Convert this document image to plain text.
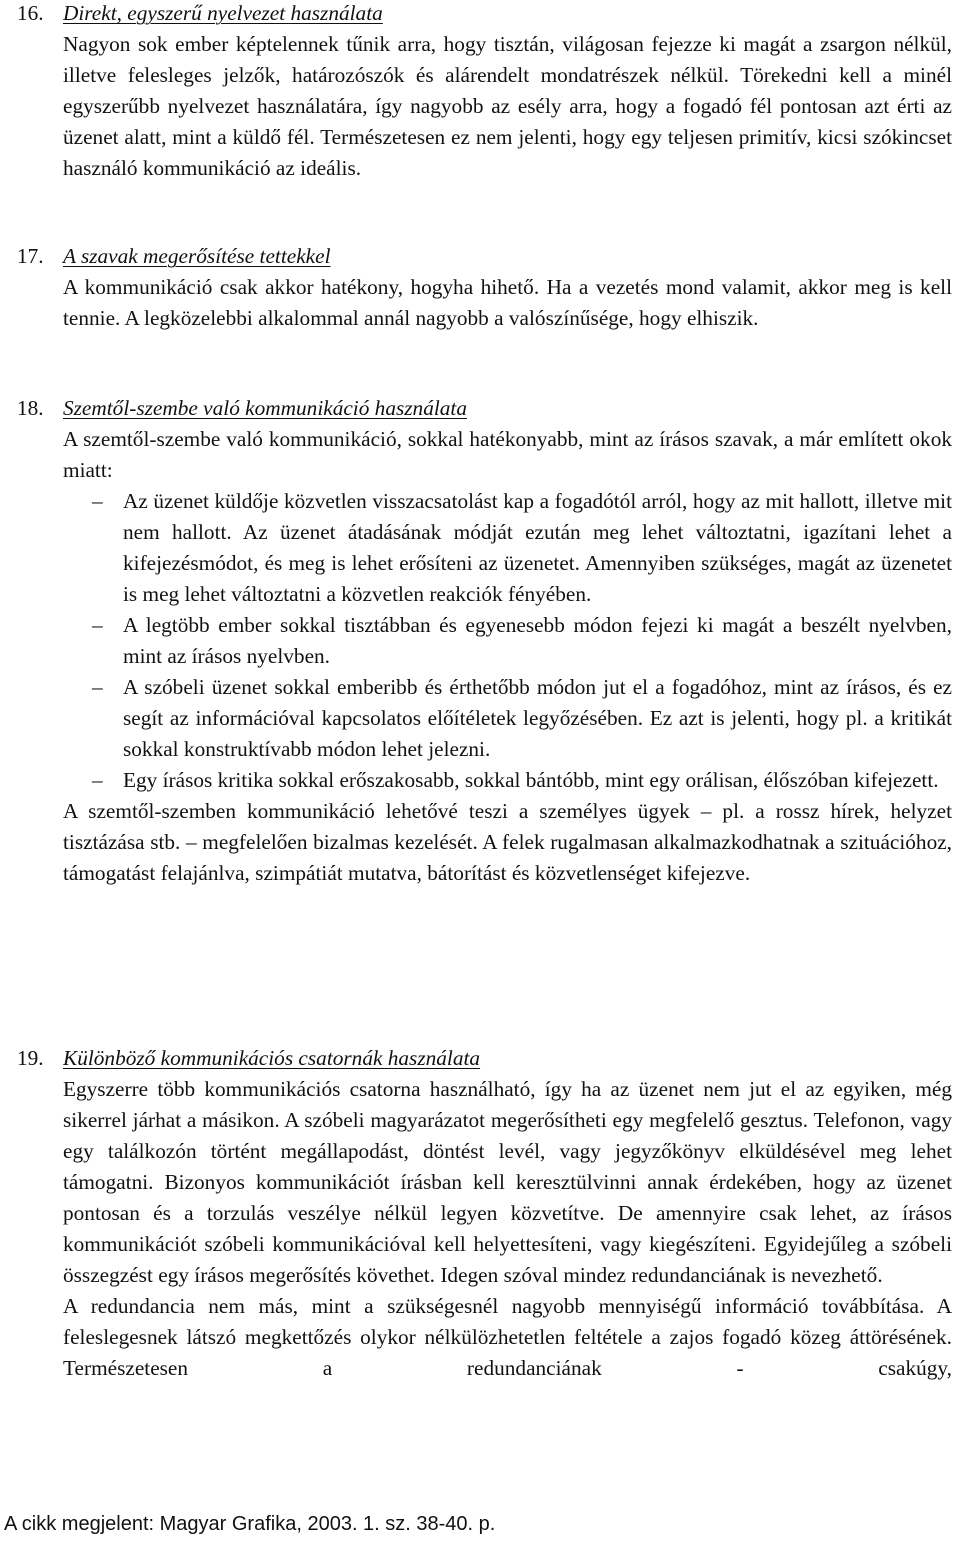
16. Direkt, egyszerű nyelvezet használata

Nagyon sok ember képtelennek tűnik arra, hogy tisztán, világosan fejezze ki magát a zsargon nélkül, illetve felesleges jelzők, határozószók és alárendelt mondatrészek nélkül. Törekedni kell a minél egyszerűbb nyelvezet használatára, így nagyobb az esély arra, hogy a fogadó fél pontosan azt érti az üzenet alatt, mint a küldő fél. Természetesen ez nem jelenti, hogy egy teljesen primitív, kicsi szókincset használó kommunikáció az ideális.

17. A szavak megerősítése tettekkel

A kommunikáció csak akkor hatékony, hogyha hihető. Ha a vezetés mond valamit, akkor meg is kell tennie. A legközelebbi alkalommal annál nagyobb a valószínűsége, hogy elhiszik.

18. Szemtől-szembe való kommunikáció használata

A szemtől-szembe való kommunikáció, sokkal hatékonyabb, mint az írásos szavak, a már említett okok miatt:

– Az üzenet küldője közvetlen visszacsatolást kap a fogadótól arról, hogy az mit hallott, illetve mit nem hallott. Az üzenet átadásának módját ezután meg lehet változtatni, igazítani lehet a kifejezésmódot, és meg is lehet erősíteni az üzenetet. Amennyiben szükséges, magát az üzenetet is meg lehet változtatni a közvetlen reakciók fényében.
– A legtöbb ember sokkal tisztábban és egyenesebb módon fejezi ki magát a beszélt nyelvben, mint az írásos nyelvben.
– A szóbeli üzenet sokkal emberibb és érthetőbb módon jut el a fogadóhoz, mint az írásos, és ez segít az információval kapcsolatos előítéletek legyőzésében. Ez azt is jelenti, hogy pl. a kritikát sokkal konstruktívabb módon lehet jelezni.
– Egy írásos kritika sokkal erőszakosabb, sokkal bántóbb, mint egy orálisan, élőszóban kifejezett.

A szemtől-szemben kommunikáció lehetővé teszi a személyes ügyek – pl. a rossz hírek, helyzet tisztázása stb. – megfelelően bizalmas kezelését. A felek rugalmasan alkalmazkodhatnak a szituációhoz, támogatást felajánlva, szimpátiát mutatva, bátorítást és közvetlenséget kifejezve.

19. Különböző kommunikációs csatornák használata

Egyszerre több kommunikációs csatorna használható, így ha az üzenet nem jut el az egyiken, még sikerrel járhat a másikon. A szóbeli magyarázatot megerősítheti egy megfelelő gesztus. Telefonon, vagy egy találkozón történt megállapodást, döntést levél, vagy jegyzőkönyv elküldésével meg lehet támogatni. Bizonyos kommunikációt írásban kell keresztülvinni annak érdekében, hogy az üzenet pontosan és a torzulás veszélye nélkül legyen közvetítve. De amennyire csak lehet, az írásos kommunikációt szóbeli kommunikációval kell helyettesíteni, vagy kiegészíteni. Egyidejűleg a szóbeli összegzést egy írásos megerősítés követhet. Idegen szóval mindez redundanciának is nevezhető.

A redundancia nem más, mint a szükségesnél nagyobb mennyiségű információ továbbítása. A feleslegesnek látszó megkettőzés olykor nélkülözhetetlen feltétele a zajos fogadó közeg áttörésének. Természetesen a redundanciának - csakúgy,

A cikk megjelent: Magyar Grafika, 2003. 1. sz. 38-40. p.
